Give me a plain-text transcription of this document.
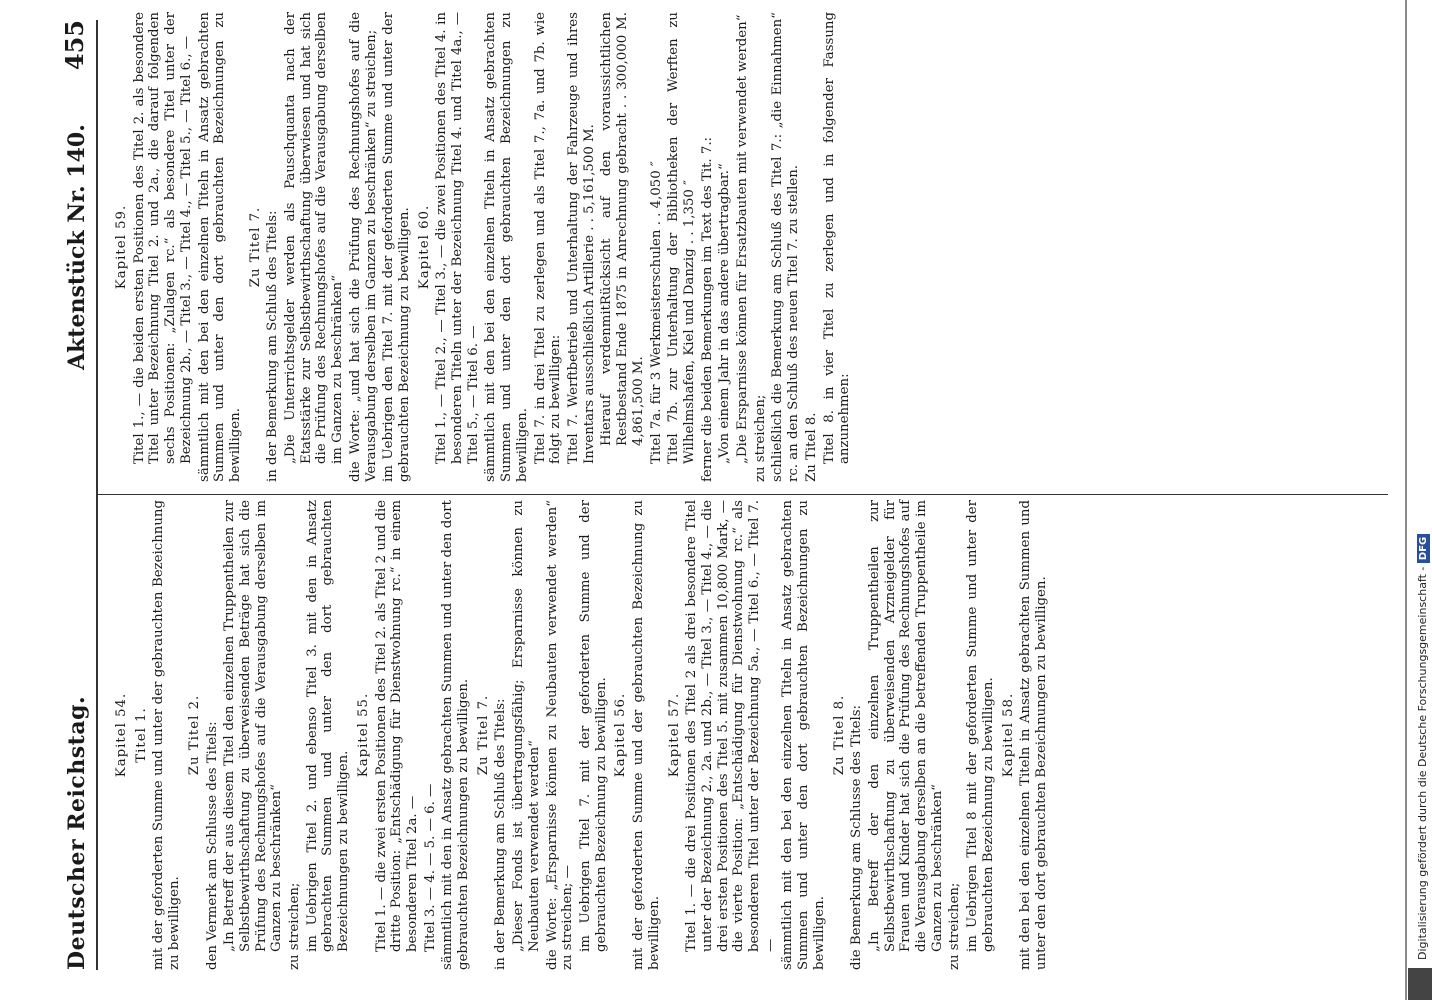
Deutscher Reichstag.
Aktenstück Nr. 140.
455
Kapitel 54. Titel 1. mit der geforderten Summe und unter der gebrauchten Bezeichnung zu bewilligen.
Zu Titel 2. den Vermerk am Schlusse des Titels: „In Betreff der aus diesem Titel den einzelnen Truppentheilen zur Selbstbewirthschaftung zu überweisenden Beträge hat sich die Prüfung des Rechnungshofes auf die Verausgabung derselben im Ganzen zu beschränken“ zu streichen; im Uebrigen Titel 2. und ebenso Titel 3. mit den in Ansatz gebrachten Summen und unter den dort gebrauchten Bezeichnungen zu bewilligen.
Kapitel 55. Titel 1. — die zwei ersten Positionen des Titel 2. als Titel 2 und die dritte Position: „Entschädigung für Dienstwohnung rc.“ in einem besonderen Titel 2a. — Titel 3. — 4. — 5. — 6. — sämmtlich mit den in Ansatz gebrachten Summen und unter den dort gebrauchten Bezeichnungen zu bewilligen. Zu Titel 7. in der Bemerkung am Schluß des Titels: „Dieser Fonds ist übertragungsfähig; Ersparnisse können zu Neubauten verwendet werden“ die Worte: „Ersparnisse können zu Neubauten verwendet werden“ zu streichen; — im Uebrigen Titel 7. mit der geforderten Summe und der gebrauchten Bezeichnung zu bewilligen. Kapitel 56. mit der geforderten Summe und der gebrauchten Bezeichnung zu bewilligen.
Kapitel 57. Titel 1. — die drei Positionen des Titel 2 als drei besondere Titel unter der Bezeichnung 2., 2a. und 2b., — Titel 3., — Titel 4., — die drei ersten Positionen des Titel 5. mit zusammen 10,800 Mark, — die vierte Position: „Entschädigung für Dienstwohnung rc.“ als besonderen Titel unter der Bezeichnung 5a., — Titel 6., — Titel 7. — sämmtlich mit den bei den einzelnen Titeln in Ansatz gebrachten Summen und unter den dort gebrauchten Bezeichnungen zu bewilligen.
Zu Titel 8. die Bemerkung am Schlusse des Titels: „In Betreff der den einzelnen Truppentheilen zur Selbstbewirthschaftung zu überweisenden Arzneigelder für Frauen und Kinder hat sich die Prüfung des Rechnungshofes auf die Verausgabung derselben an die betreffenden Truppentheile im Ganzen zu beschränken“ zu streichen; im Uebrigen Titel 8 mit der geforderten Summe und unter der gebrauchten Bezeichnung zu bewilligen. Kapitel 58. mit den bei den einzelnen Titeln in Ansatz gebrachten Summen und unter den dort gebrauchten Bezeichnungen zu bewilligen.
Kapitel 59. Titel 1., — die beiden ersten Positionen des Titel 2. als besondere Titel unter Bezeichnung Titel 2. und 2a., die darauf folgenden sechs Positionen: „Zulagen rc.“ als besondere Titel unter der Bezeichnung 2b., — Titel 3., — Titel 4., — Titel 5., — Titel 6., — sämmtlich mit den bei den einzelnen Titeln in Ansatz gebrachten Summen und unter den dort gebrauchten Bezeichnungen zu bewilligen.
Zu Titel 7. in der Bemerkung am Schluß des Titels: „Die Unterrichtsgelder werden als Pauschquanta nach der Etatsstärke zur Selbstbewirthschaftung überwiesen und hat sich die Prüfung des Rechnungshofes auf die Verausgabung derselben im Ganzen zu beschränken“ die Worte: „und hat sich die Prüfung des Rechnungshofes auf die Verausgabung derselben im Ganzen zu beschränken“ zu streichen; im Uebrigen den Titel 7. mit der geforderten Summe und unter der gebrauchten Bezeichnung zu bewilligen. Kapitel 60. Titel 1., — Titel 2., — Titel 3., — die zwei Positionen des Titel 4. in besonderen Titeln unter der Bezeichnung Titel 4. und Titel 4a., — Titel 5., — Titel 6. — sämmtlich mit den bei den einzelnen Titeln in Ansatz gebrachten Summen und unter den dort gebrauchten Bezeichnungen zu bewilligen. Titel 7. in drei Titel zu zerlegen und als Titel 7., 7a. und 7b. wie folgt zu bewilligen: Titel 7. Werftbetrieb und Unterhaltung der Fahrzeuge und ihres Inventars ausschließlich Artillerie . . 5,161,500 M. Hierauf verdenmitRücksicht auf den voraussichtlichen Restbestand Ende 1875 in Anrechnung gebracht . . 300,000 M. 4,861,500 M. Titel 7a. für 3 Werkmeisterschulen . . 4,050 ″ Titel 7b. zur Unterhaltung der Bibliotheken der Werften zu Wilhelmshafen, Kiel und Danzig . . 1,350 ″ ferner die beiden Bemerkungen im Text des Tit. 7.: „Von einem Jahr in das andere übertragbar.“ „Die Ersparnisse können für Ersatzbauten mit verwendet werden“ zu streichen; schließlich die Bemerkung am Schluß des Titel 7.: „die Einnahmen“ rc. an den Schluß des neuen Titel 7. zu stellen. Zu Titel 8. Titel 8. in vier Titel zu zerlegen und in folgender Fassung anzunehmen:
Digitalisierung gefördert durch die Deutsche Forschungsgemeinschaft - DFG
